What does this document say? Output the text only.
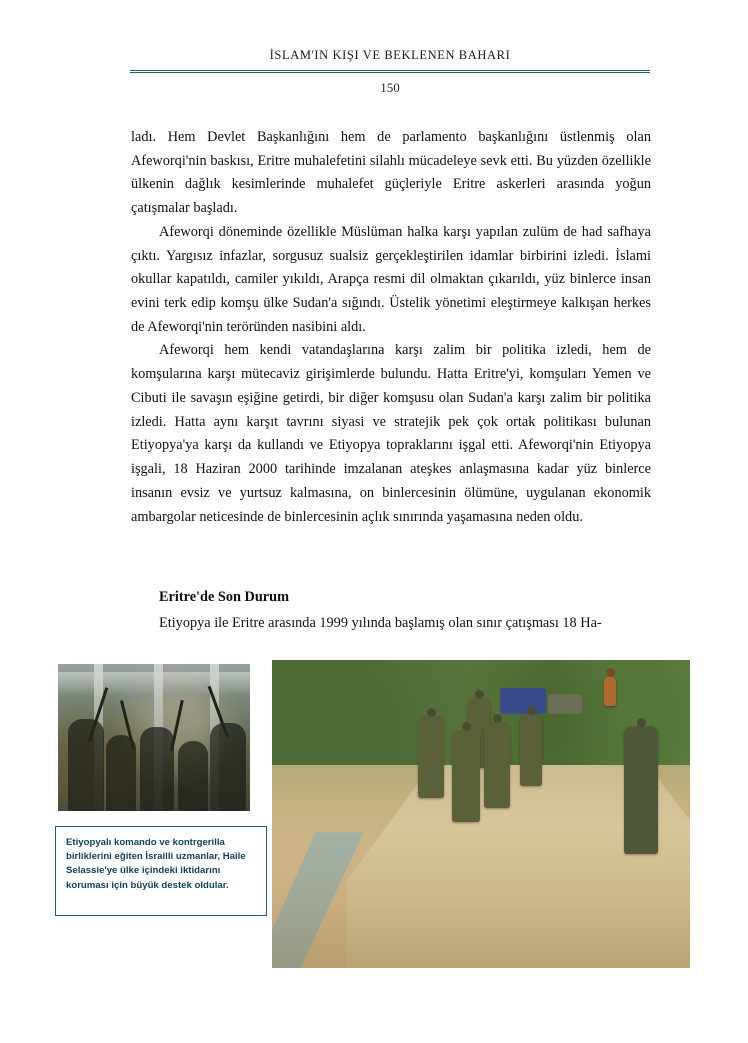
İSLAM'IN KIŞI VE BEKLENEN BAHARI
150

ladı. Hem Devlet Başkanlığını hem de parlamento başkanlığını üstlenmiş olan Afeworqi'nin baskısı, Eritre muhalefetini silahlı mücadeleye sevk etti. Bu yüzden özellikle ülkenin dağlık kesimlerinde muhalefet güçleriyle Eritre askerleri arasında yoğun çatışmalar başladı.

Afeworqi döneminde özellikle Müslüman halka karşı yapılan zulüm de had safhaya çıktı. Yargısız infazlar, sorgusuz sualsiz gerçekleştirilen idamlar birbirini izledi. İslami okullar kapatıldı, camiler yıkıldı, Arapça resmi dil olmaktan çıkarıldı, yüz binlerce insan evini terk edip komşu ülke Sudan'a sığındı. Üstelik yönetimi eleştirmeye kalkışan herkes de Afeworqi'nin teröründen nasibini aldı.

Afeworqi hem kendi vatandaşlarına karşı zalim bir politika izledi, hem de komşularına karşı mütecaviz girişimlerde bulundu. Hatta Eritre'yi, komşuları Yemen ve Cibuti ile savaşın eşiğine getirdi, bir diğer komşusu olan Sudan'a karşı zalim bir politika izledi. Hatta aynı karşıt tavrını siyasi ve stratejik pek çok ortak politikası bulunan Etiyopya'ya karşı da kullandı ve Etiyopya topraklarını işgal etti. Afeworqi'nin Etiyopya işgali, 18 Haziran 2000 tarihinde imzalanan ateşkes anlaşmasına kadar yüz binlerce insanın evsiz ve yurtsuz kalmasına, on binlercesinin ölümüne, uygulanan ekonomik ambargolar neticesinde de binlercesinin açlık sınırında yaşamasına neden oldu.

Eritre'de Son Durum

Etiyopya ile Eritre arasında 1999 yılında başlamış olan sınır çatışması 18 Ha-

Etiyopyalı komando ve kontrgerilla birliklerini eğiten İsrailli uzmanlar, Haile Selassie'ye ülke içindeki iktidarını koruması için büyük destek oldular.
